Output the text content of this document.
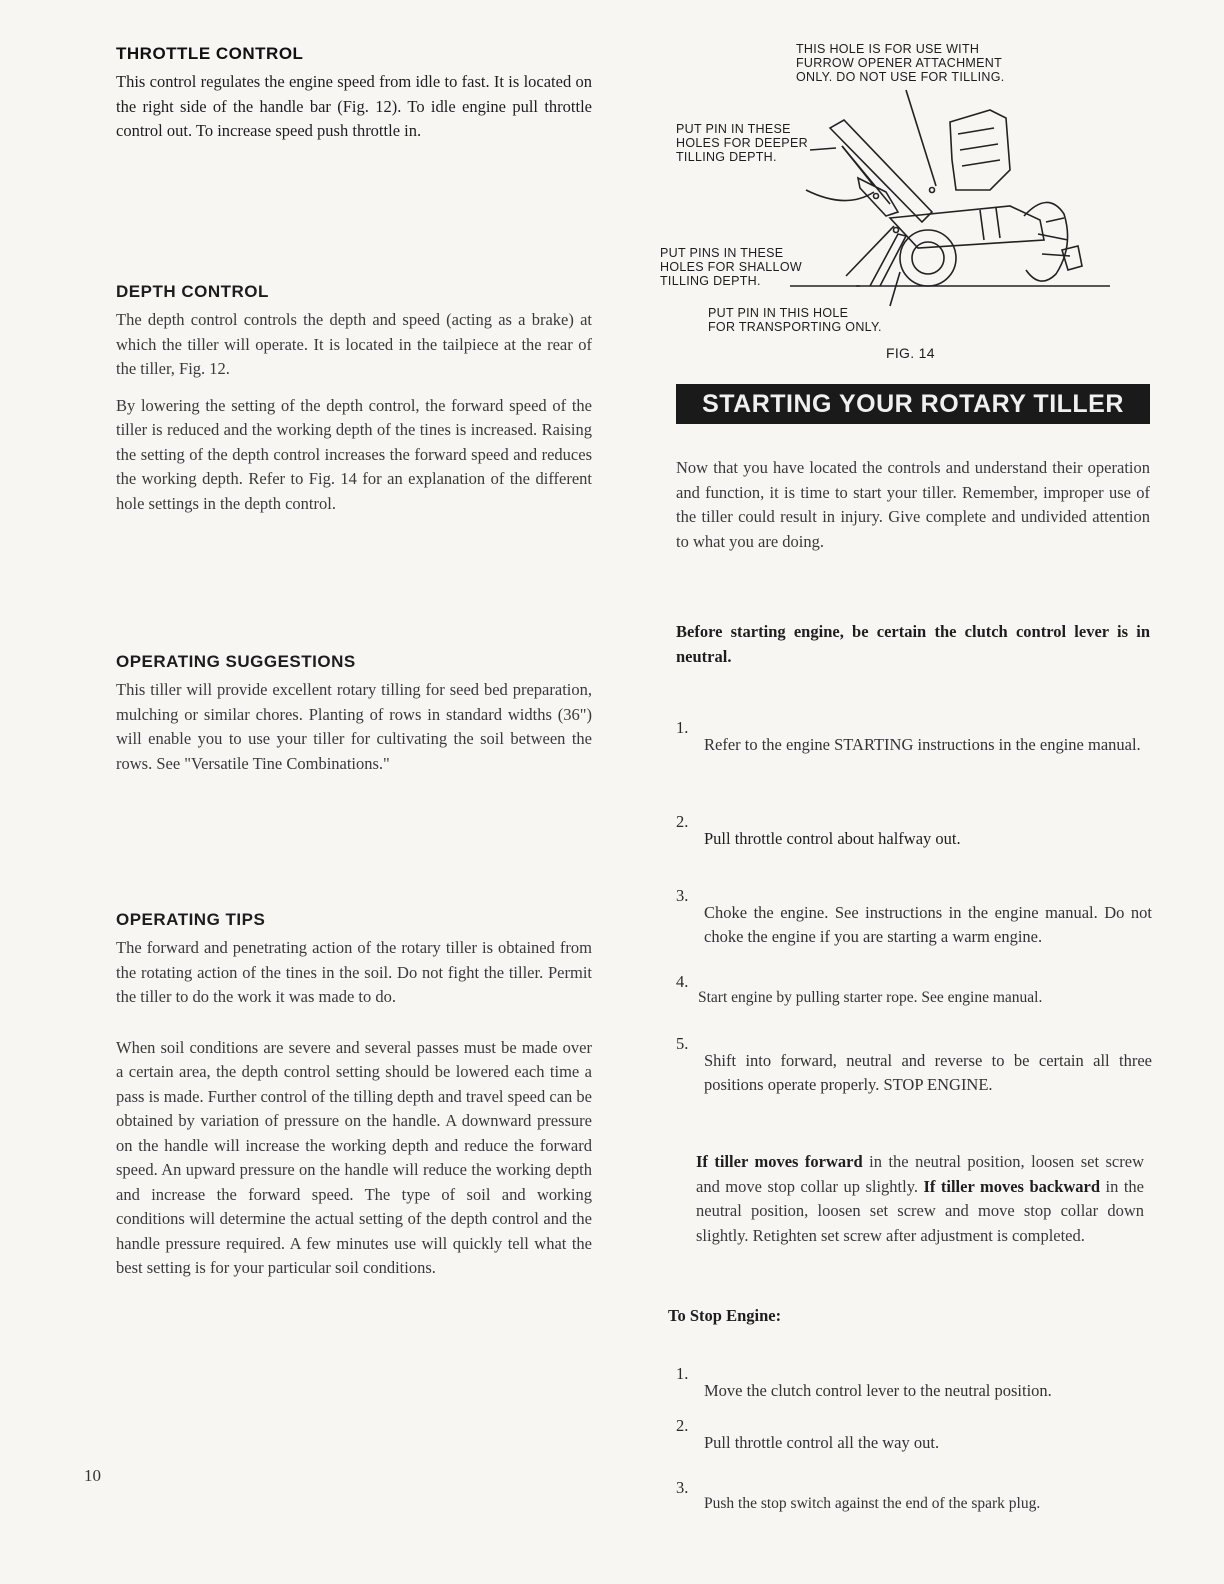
THROTTLE CONTROL

This control regulates the engine speed from idle to fast. It is located on the right side of the handle bar (Fig. 12). To idle engine pull throttle control out. To increase speed push throttle in.

DEPTH CONTROL

The depth control controls the depth and speed (acting as a brake) at which the tiller will operate. It is located in the tailpiece at the rear of the tiller, Fig. 12.

By lowering the setting of the depth control, the forward speed of the tiller is reduced and the working depth of the tines is increased. Raising the setting of the depth control increases the forward speed and reduces the working depth. Refer to Fig. 14 for an explanation of the different hole settings in the depth control.

OPERATING SUGGESTIONS

This tiller will provide excellent rotary tilling for seed bed preparation, mulching or similar chores. Planting of rows in standard widths (36") will enable you to use your tiller for cultivating the soil between the rows. See "Versatile Tine Combinations."

OPERATING TIPS

The forward and penetrating action of the rotary tiller is obtained from the rotating action of the tines in the soil. Do not fight the tiller. Permit the tiller to do the work it was made to do.

When soil conditions are severe and several passes must be made over a certain area, the depth control setting should be lowered each time a pass is made. Further control of the tilling depth and travel speed can be obtained by variation of pressure on the handle. A downward pressure on the handle will increase the working depth and reduce the forward speed. An upward pressure on the handle will reduce the working depth and increase the forward speed. The type of soil and working conditions will determine the actual setting of the depth control and the handle pressure required. A few minutes use will quickly tell what the best setting is for your particular soil conditions.

10

THIS HOLE IS FOR USE WITH

FURROW OPENER ATTACHMENT

ONLY. DO NOT USE FOR TILLING.

PUT PIN IN THESE

HOLES FOR DEEPER

TILLING DEPTH.

PUT PINS IN THESE

HOLES FOR SHALLOW

TILLING DEPTH.

PUT PIN IN THIS HOLE

FOR TRANSPORTING ONLY.

FIG. 14

STARTING YOUR ROTARY TILLER

Now that you have located the controls and understand their operation and function, it is time to start your tiller. Remember, improper use of the tiller could result in injury. Give complete and undivided attention to what you are doing.

Before starting engine, be certain the clutch control lever is in neutral.

1.

Refer to the engine STARTING instructions in the engine manual.

2.

Pull throttle control about halfway out.

3.

Choke the engine. See instructions in the engine manual. Do not choke the engine if you are starting a warm engine.

4.

Start engine by pulling starter rope. See engine manual.

5.

Shift into forward, neutral and reverse to be certain all three positions operate properly. STOP ENGINE.

If tiller moves forward in the neutral position, loosen set screw and move stop collar up slightly. If tiller moves backward in the neutral position, loosen set screw and move stop collar down slightly. Retighten set screw after adjustment is completed.

To Stop Engine:

1.

Move the clutch control lever to the neutral position.

2.

Pull throttle control all the way out.

3.

Push the stop switch against the end of the spark plug.
